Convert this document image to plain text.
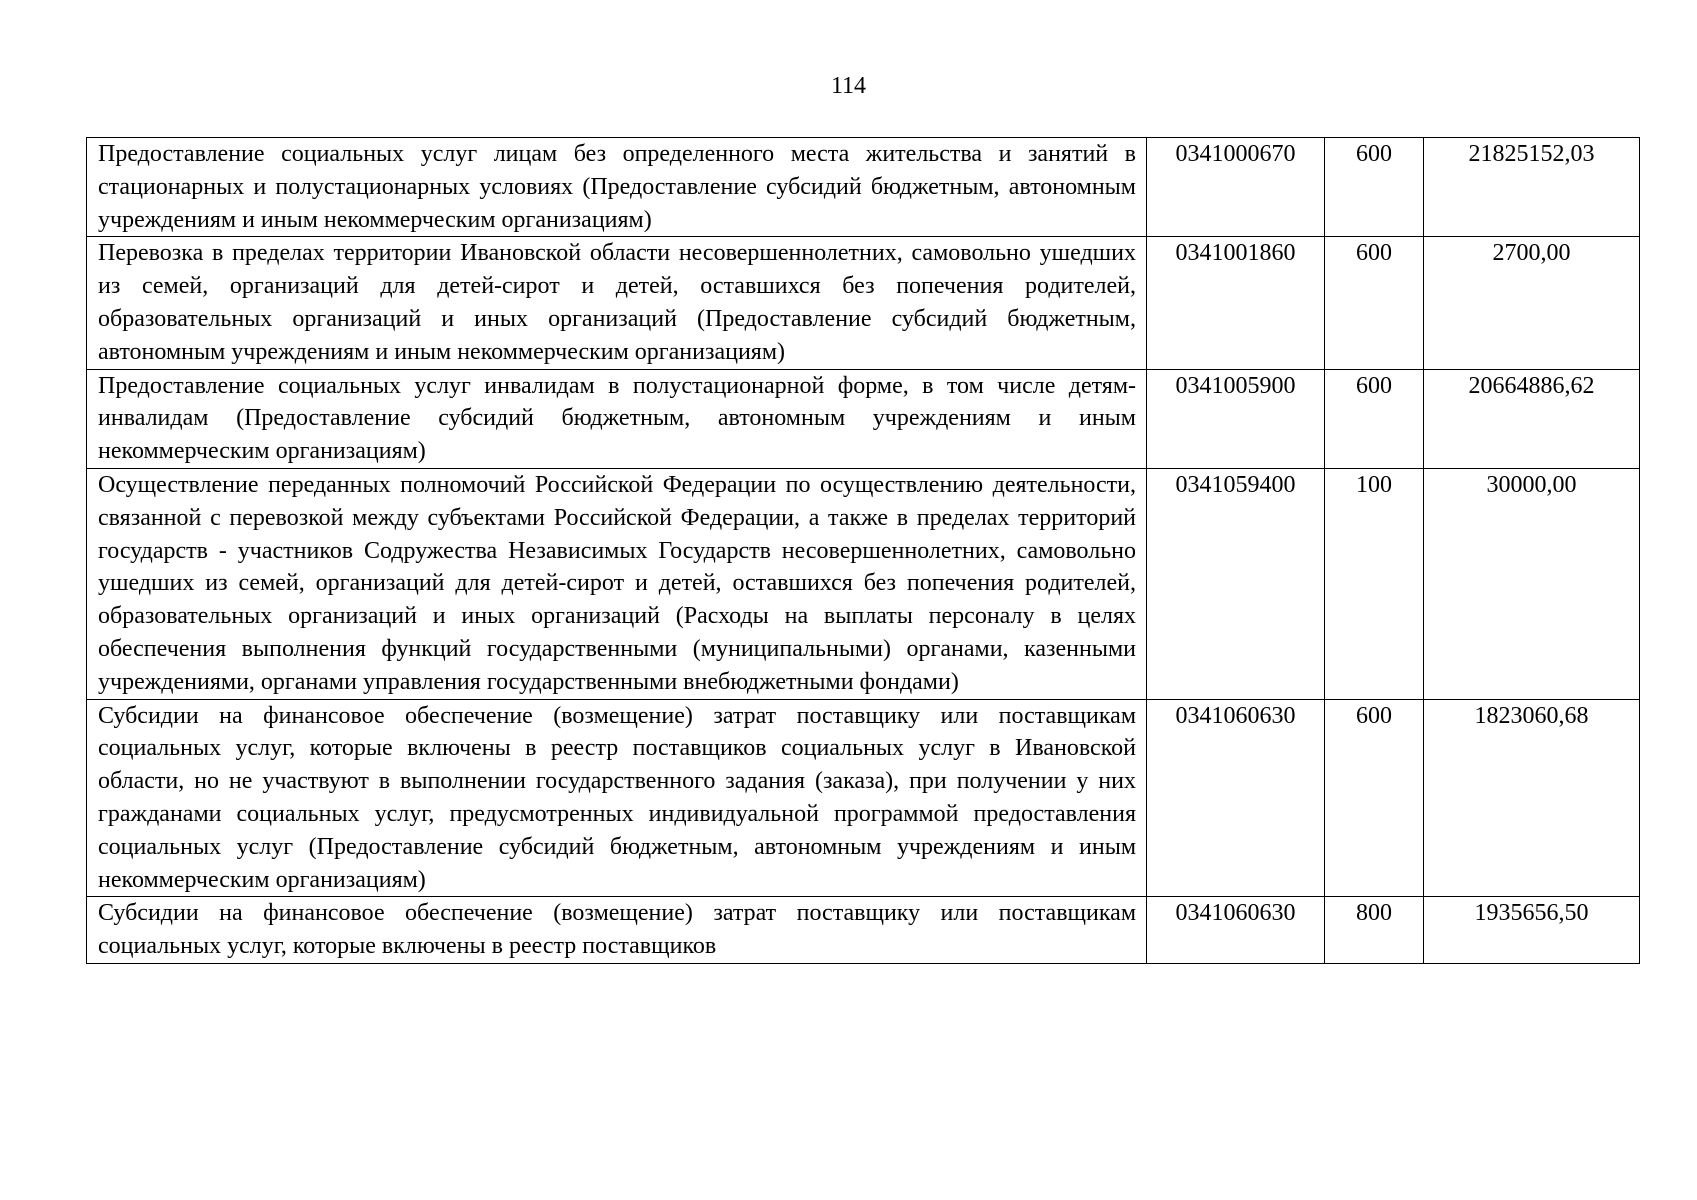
114
Предоставление социальных услуг лицам без определенного места жительства и занятий в стационарных и полустационарных условиях (Предоставление субсидий бюджетным, автономным учреждениям и иным некоммерческим организациям)	0341000670	600	21825152,03
Перевозка в пределах территории Ивановской области несовершеннолетних, самовольно ушедших из семей, организаций для детей-сирот и детей, оставшихся без попечения родителей, образовательных организаций и иных организаций (Предоставление субсидий бюджетным, автономным учреждениям и иным некоммерческим организациям)	0341001860	600	2700,00
Предоставление социальных услуг инвалидам в полустационарной форме, в том числе детям-инвалидам (Предоставление субсидий бюджетным, автономным учреждениям и иным некоммерческим организациям)	0341005900	600	20664886,62
Осуществление переданных полномочий Российской Федерации по осуществлению деятельности, связанной с перевозкой между субъектами Российской Федерации, а также в пределах территорий государств - участников Содружества Независимых Государств несовершеннолетних, самовольно ушедших из семей, организаций для детей-сирот и детей, оставшихся без попечения родителей, образовательных организаций и иных организаций (Расходы на выплаты персоналу в целях обеспечения выполнения функций государственными (муниципальными) органами, казенными учреждениями, органами управления государственными внебюджетными фондами)	0341059400	100	30000,00
Субсидии на финансовое обеспечение (возмещение) затрат поставщику или поставщикам социальных услуг, которые включены в реестр поставщиков социальных услуг в Ивановской области, но не участвуют в выполнении государственного задания (заказа), при получении у них гражданами социальных услуг, предусмотренных индивидуальной программой предоставления социальных услуг (Предоставление субсидий бюджетным, автономным учреждениям и иным некоммерческим организациям)	0341060630	600	1823060,68

Субсидии на финансовое обеспечение (возмещение) затрат поставщику или поставщикам социальных услуг, которые включены в реестр поставщиков	0341060630	800	1935656,50
